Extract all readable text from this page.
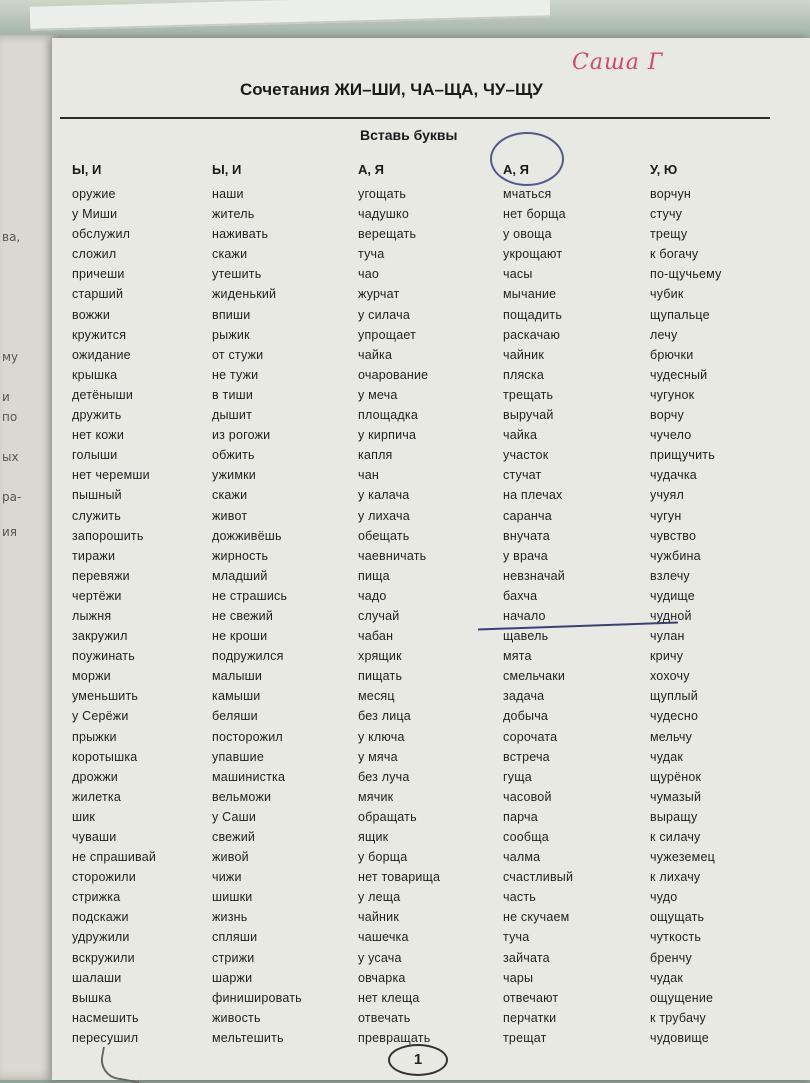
ва,
му
и
по
ых
ра-
ия
Саша Г
Сочетания ЖИ–ШИ, ЧА–ЩА, ЧУ–ЩУ
Вставь буквы
Ы, И
оружие
у Миши
обслужил
сложил
причеши
старший
вожжи
кружится
ожидание
крышка
детёныши
дружить
нет кожи
голыши
нет черемши
пышный
служить
запорошить
тиражи
перевяжи
чертёжи
лыжня
закружил
поужинать
моржи
уменьшить
у Серёжи
прыжки
коротышка
дрожжи
жилетка
шик
чуваши
не спрашивай
сторожили
стрижка
подскажи
удружили
вскружили
шалаши
вышка
насмешить
пересушил
Ы, И
наши
житель
наживать
скажи
утешить
жиденький
впиши
рыжик
от стужи
не тужи
в тиши
дышит
из рогожи
обжить
ужимки
скажи
живот
дожживёшь
жирность
младший
не страшись
не свежий
не кроши
подружился
малыши
камыши
беляши
посторожил
упавшие
машинистка
вельможи
у Саши
свежий
живой
чижи
шишки
жизнь
спляши
стрижи
шаржи
финишировать
живость
мельтешить
А, Я
угощать
чадушко
верещать
туча
чао
журчат
у силача
упрощает
чайка
очарование
у меча
площадка
у кирпича
капля
чан
у калача
у лихача
обещать
чаевничать
пища
чадо
случай
чабан
хрящик
пищать
месяц
без лица
у ключа
у мяча
без луча
мячик
обращать
ящик
у борща
нет товарища
у леща
чайник
чашечка
у усача
овчарка
нет клеща
отвечать
превращать
А, Я
мчаться
нет борща
у овоща
укрощают
часы
мычание
пощадить
раскачаю
чайник
пляска
трещать
выручай
чайка
участок
стучат
на плечах
саранча
внучата
у врача
невзначай
бахча
начало
щавель
мята
смельчаки
задача
добыча
сорочата
встреча
гуща
часовой
парча
сообща
чалма
счастливый
часть
не скучаем
туча
зайчата
чары
отвечают
перчатки
трещат
У, Ю
ворчун
стучу
трещу
к богачу
по-щучьему
чубик
щупальце
лечу
брючки
чудесный
чугунок
ворчу
чучело
прищучить
чудачка
учуял
чугун
чувство
чужбина
взлечу
чудище
чудной
чулан
кричу
хохочу
щуплый
чудесно
мельчу
чудак
щурёнок
чумазый
выращу
к силачу
чужеземец
к лихачу
чудо
ощущать
чуткость
бренчу
чудак
ощущение
к трубачу
чудовище
1
